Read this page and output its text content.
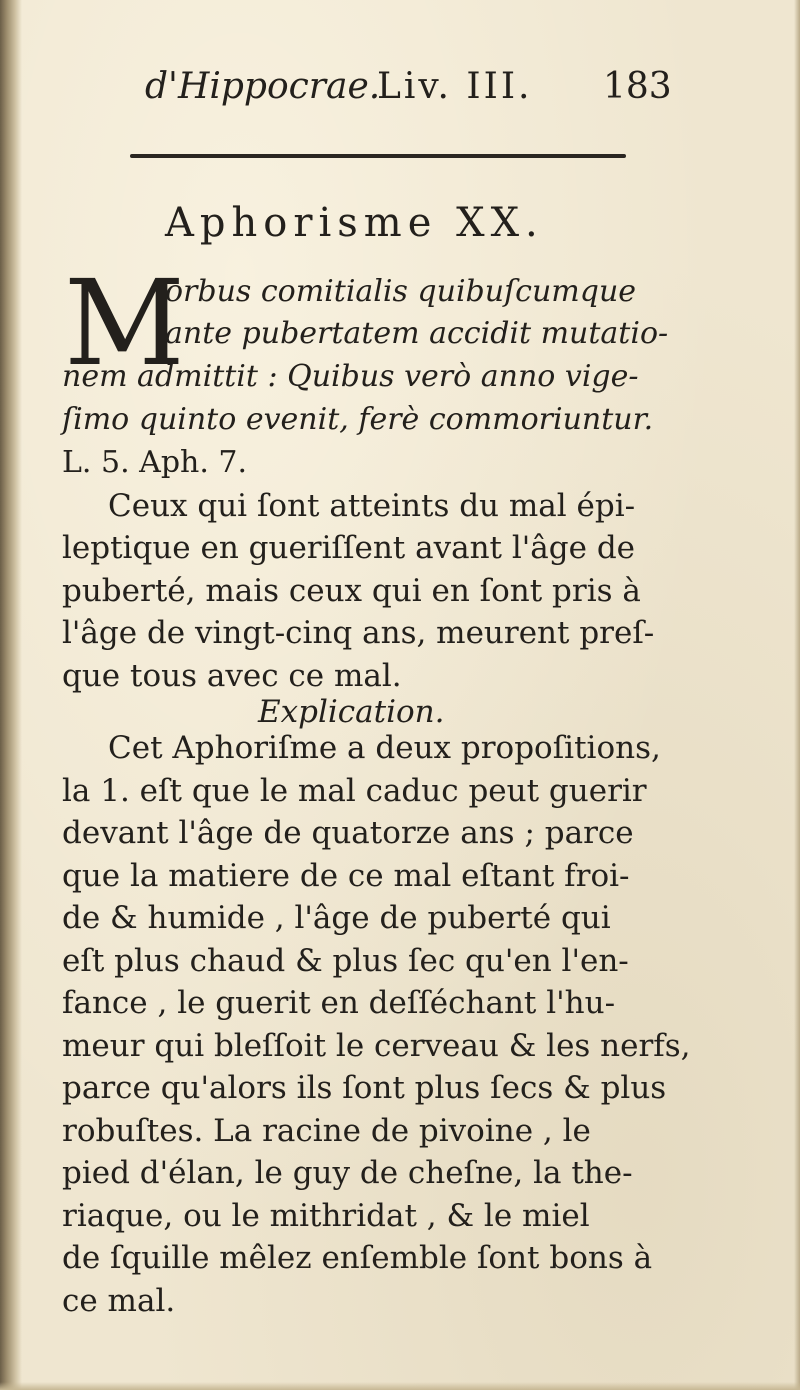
d'Hippocrae.
Liv. III. 183
Aphorisme XX.
M
orbus comitialis quibuſcumque
ante pubertatem accidit mutatio-
nem admittit : Quibus verò anno vige-
ſimo quinto evenit, ferè commoriuntur.
L. 5. Aph. 7.
Ceux qui ſont atteints du mal épi-
leptique en gueriſſent avant l'âge de
puberté, mais ceux qui en ſont pris à
l'âge de vingt-cinq ans, meurent preſ-
que tous avec ce mal.
Explication.
Cet Aphoriſme a deux propoſitions,
la 1. eſt que le mal caduc peut guerir
devant l'âge de quatorze ans ; parce
que la matiere de ce mal eſtant froi-
de & humide , l'âge de puberté qui
eſt plus chaud & plus ſec qu'en l'en-
fance , le guerit en deſſéchant l'hu-
meur qui bleſſoit le cerveau & les nerfs,
parce qu'alors ils ſont plus ſecs & plus
robuſtes. La racine de pivoine , le
pied d'élan, le guy de cheſne, la the-
riaque, ou le mithridat , & le miel
de ſquille mêlez enſemble ſont bons à
ce mal.
